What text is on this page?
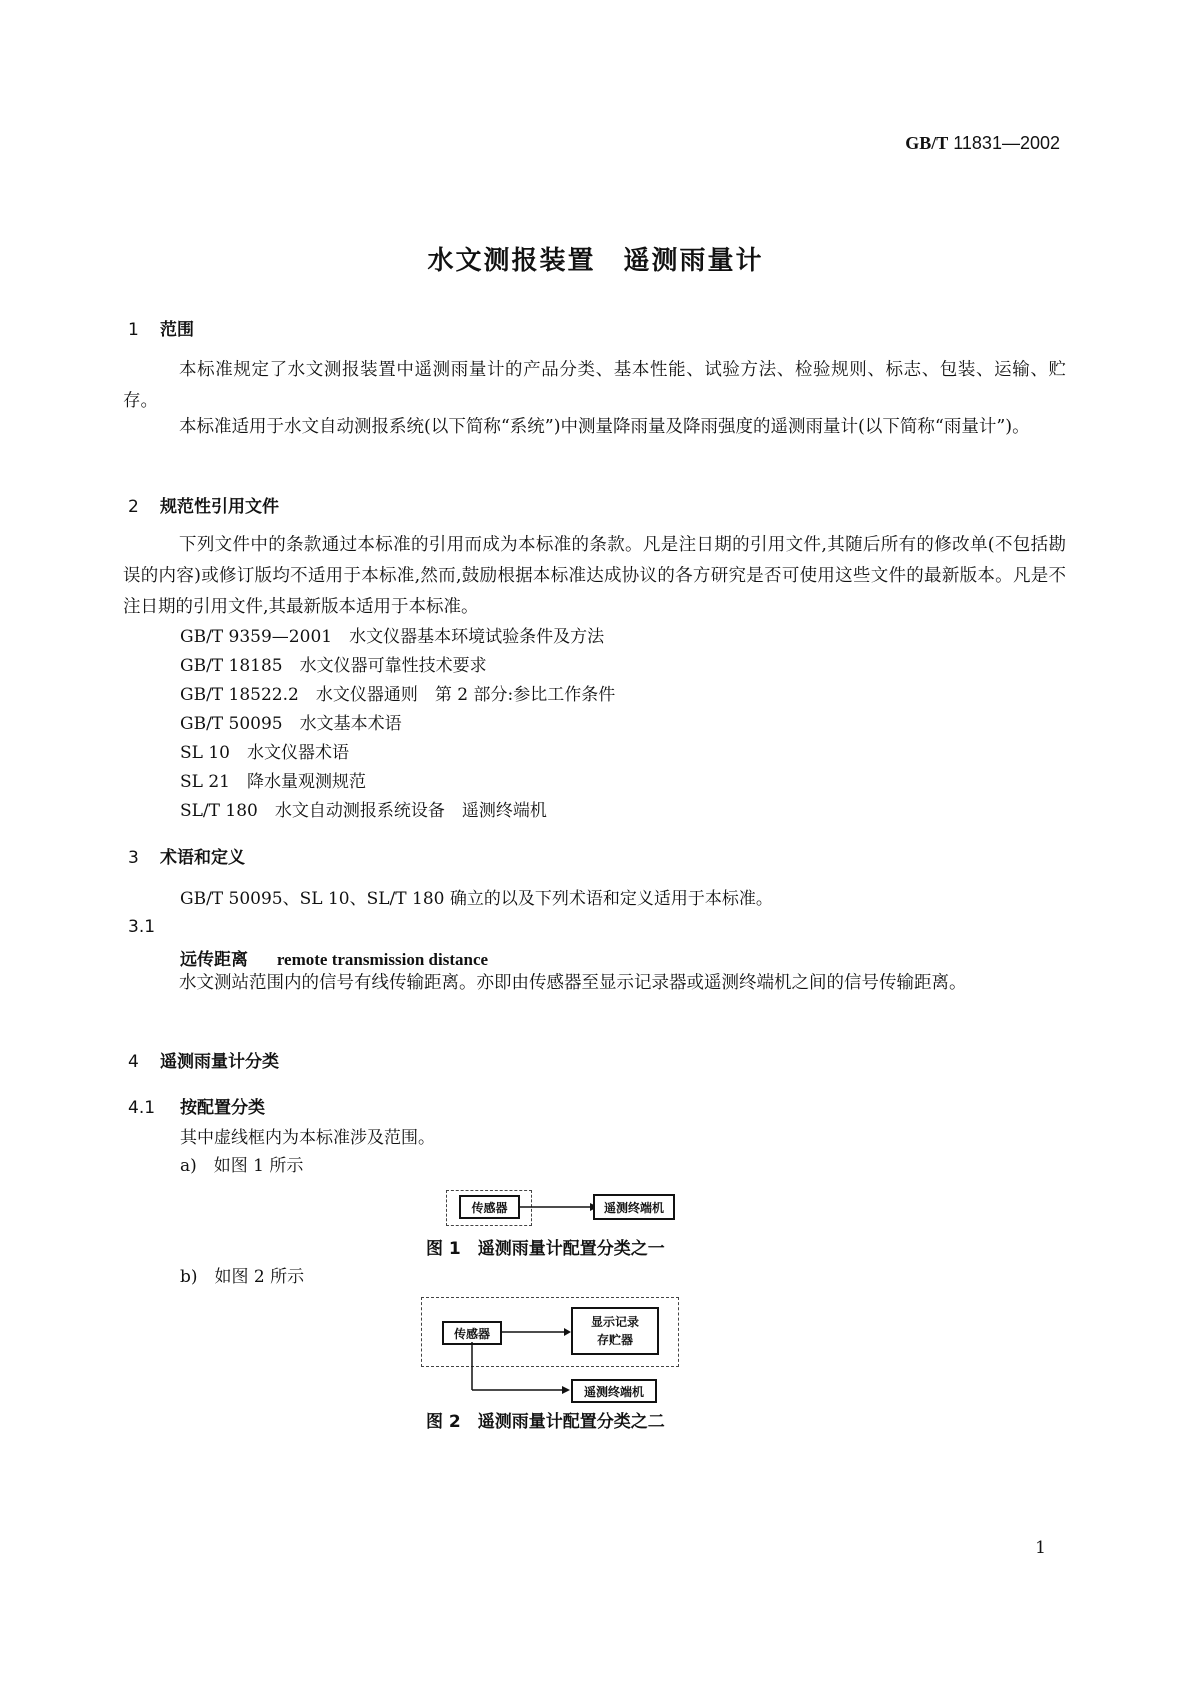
GB/T 11831—2002
水文测报装置　遥测雨量计
1 范围
本标准规定了水文测报装置中遥测雨量计的产品分类、基本性能、试验方法、检验规则、标志、包装、运输、贮存。
本标准适用于水文自动测报系统(以下简称“系统”)中测量降雨量及降雨强度的遥测雨量计(以下简称“雨量计”)。
2 规范性引用文件
下列文件中的条款通过本标准的引用而成为本标准的条款。凡是注日期的引用文件,其随后所有的修改单(不包括勘误的内容)或修订版均不适用于本标准,然而,鼓励根据本标准达成协议的各方研究是否可使用这些文件的最新版本。凡是不注日期的引用文件,其最新版本适用于本标准。
GB/T 9359—2001　水文仪器基本环境试验条件及方法
GB/T 18185　水文仪器可靠性技术要求
GB/T 18522.2　水文仪器通则　第 2 部分:参比工作条件
GB/T 50095　水文基本术语
SL 10　水文仪器术语
SL 21　降水量观测规范
SL/T 180　水文自动测报系统设备　遥测终端机
3 术语和定义
GB/T 50095、SL 10、SL/T 180 确立的以及下列术语和定义适用于本标准。
3.1
远传距离 remote transmission distance
水文测站范围内的信号有线传输距离。亦即由传感器至显示记录器或遥测终端机之间的信号传输距离。
4 遥测雨量计分类
4.1 按配置分类
其中虚线框内为本标准涉及范围。
a)　如图 1 所示
传感器	遥测终端机
图 1　遥测雨量计配置分类之一
b)　如图 2 所示
传感器
显示记录
存贮器
遥测终端机
图 2　遥测雨量计配置分类之二
1
